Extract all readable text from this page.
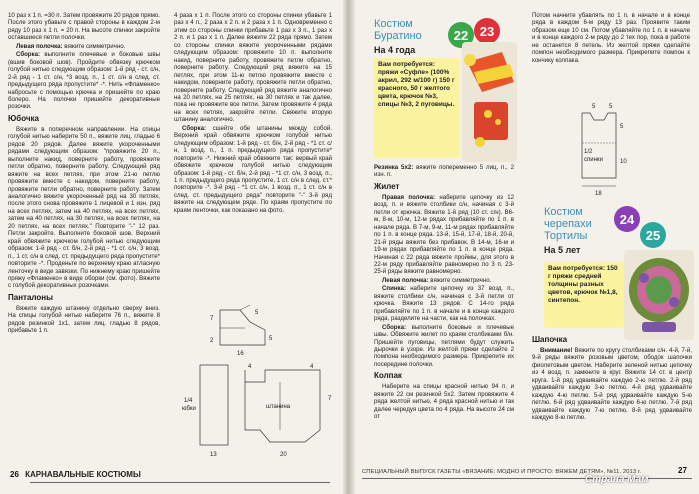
10 раз х 1 п. =30 п. Затем провяжите 20 рядов прямо. После этого убавьте с правой стороны в каждом 2-м ряду 10 раз х 1 п. = 20 п. На высоте спинки закройте оставшиеся петли полочки.

Левая полочка: вяжите симметрично.

Сборка: выполните плечевые и боковые швы (вшив боковой шов). Пройдите обвязку крючком голубой нитью следующим образом: 1-й ряд - ст. с/н, 2-й ряд - 1 ст. с/н, *3 возд. п., 1 ст. с/н в след. ст. предыдущего ряда пропустите* -*. Нить «Фламенко» набросьте с помощью крючка и пришейте по краю болеро. На полочки пришейте декоративные розочки.

Юбочка

Вяжите в поперечном направлении. На спицы голубой нитью наберите 50 п., вяжите лиц. гладью 6 рядов 20 рядов. Далее вяжите укороченными рядами следующим образом: "провяжите 20 п., выполните накид, поверните работу, провяжите петли обратно, поверните работу. Следующий ряд вяжите на всех петлях, при этом 21-ю петлю провяжите вместе с накидом, поверните работу, провяжите петли обратно, поверните работу. Затем аналогично вяжите укороченный ряд на 30 петлях, после этого снова провяжите 1 лицевой и 1 изн. ряд на всех петлях, затем на 40 петлях, на всех петлях, затем на 40 петлях, на 30 петлях, на всех петлях, на 20 петлях, на всех петлях." Повторите "-" 12 раз. Петли закройте. Выполните боковой шов. Верхний край обвяжите крючком голубой нитью следующим образом: 1-й ряд - ст. б/н, 2-й ряд - *1 ст. с/н, 3 возд. п., 1 ст. с/н в след. ст. предыдущего ряда пропустите* повторите -*. Проденьте по верхнему краю атласную ленточку в виде завязки. По нижнему краю пришейте пряжу «Фламенко» в виде оборки (см. фото). Вяжите с голубой декоративных розочками.

Панталоны

Вяжите каждую штанину отдельно сверху вниз. На спицы голубой нитью наберите 76 п., вяжите 8 рядов резинкой 1x1, затем лиц. гладью 8 рядов, прибавьте 1 п.

4 раза х 1 п. После этого со стороны спинки убавьте 1 раз х 4 п., 2 раза х 2 п. и 2 раза х 1 п. Одновременно с этим со стороны спинки прибавьте 1 раз х 3 п., 1 раз х 2 п. и 1 раз х 1 п. Далее вяжите 22 ряда прямо. Затем со стороны спинки вяжите укороченными рядами следующим образом: провяжите 10 п. выполните накид, поверните работу, провяжите петли обратно, поверните работу. Следующий ряд вяжите на 15 петлях, при этом 11-ю петлю провяжите вместе с накидом, поверните работу, провяжите петли обратно, поверните работу. Следующий ряд вяжите аналогично на 20 петлях, на 25 петлях, на 30 петлях и так далее, пока не провяжите все петли. Затем провяжите 4 ряда на всех петлях, закройте петли. Свяжите вторую штанину аналогично.

Сборка: сшейте обе штанины между собой. Верхний край обвяжите крючком голубой нитью следующим образом: 1-й ряд - ст. б/н, 2-й ряд - *1 ст. с/н, 1 возд. п., 1 п. предыдущего ряда пропустите* повторите -*. Нижний край обвяжите так: вервый край обвяжите крючком голубой нитью следующим образом: 1-й ряд - ст. б/н, 2-й ряд - *1 ст. с/н, 3 возд. п., 1 п. предыдущего ряда пропустите, 1 ст. с/н в след. ст.* повторите -*. 3-й ряд - *1 ст. с/н, 1 возд. п., 1 ст. с/н в след. ст. предыдущего ряда" повторите "-" 3-й ряд вяжите на следующем ряде. По краям пропустите по краям ленточки, как показано на фото.

7
5
16
5
2
1/4
юбки	штанина
7
20
13
4	4
26 КАРНАВАЛЬНЫЕ КОСТЮМЫ
Костюм
Буратино
На 4 года
22 23
Вам потребуется: пряжи «Суфле» (100% акрил, 292 м/100 г) 150 г красного, 50 г желтого цвета, крючок №3, спицы №3, 2 пуговицы.

Резинка 5x2: вяжите попеременно 5 лиц. п., 2 изн. п.

Жилет

Правая полочка: наберите цепочку из 12 возд. п. и вяжите столбики с/н, начиная с 3-й петли от крючка. Вяжите 1-й ряд (10 ст. с/н). В6-м, 8-м, 10-м, 12-м рядах прибавляйте по 1 п. в начале ряда. В 7-м, 9-м, 11-м рядах прибавляйте по 1 п. в конце ряда. 13-й, 15-й, 17-й, 18-й, 20-й, 21-й ряды вяжите без прибавок. В 14-м, 16-м и 19-м рядах прибавляйте по 1 п. в конце ряда. Начиная с 22 ряда вяжите проймы, для этого в 22-м ряду прибавляйте равномерно по 3 п. 23-25-й ряды вяжите равномерно.

Левая полочка: вяжите симметрично.

Спинка: наберите цепочку из 37 возд. п., вяжите столбики с/н, начиная с 3-й петли от крючка. Вяжите 13 рядов. С 14-го ряда прибавляйте по 1 п. в начале и в конце каждого ряда, разделите на части, как на полочках.

Сборка: выполните боковые и плечевые швы. Обвяжите жилет по краям столбиками б/н. Пришейте пуговицы, петлями будут служить дырочки в узоре. Из желтой пряжи сделайте 2 помпона необходимого размера. Прикрепите их посередине полочки.

Колпак

Наберите на спицы красной нитью 94 п. и вяжите 22 см резинкой 5x2. Затем провяжите 4 ряда желтой нитью, 4 ряда красной нитью и так далее чередуя цвета по 4 ряда. На высоте 24 см от

Потом начните убавлять по 1 п. в начале и в конце ряда в каждом 6-м ряду 13 раз. Проявите таким образом еще 10 см. Потом убавляйте по 1 п. в начале и в конце каждого 2-м ряду до 2 тех пор, пока в работе не останется 8 петель. Из желтой пряжи сделайте помпон необходимого размера. Прикрепите помпон к кончику колпака.

5 5
5
1/2
спинки	10
18
Костюм
черепахи
Тортилы
На 5 лет
24
25
Вам потребуется: 150 г пряжи средней толщины разных цветов, крючок №1,8, синтепон.
Шапочка

Внимание! Вяжите по кругу столбиками с/н. 4-й, 7-й, 9-й ряды вяжите розовым цветом, ободок шапочки фиолетовым цветом. Наберите зеленой нитью цепочку из 4 возд. п. замкните в круг. Вяжите 14 ст. в центр круга. 1-й ряд удваивайте каждую 2-ю петлю. 2-й ряд удваивайте каждую 3-ю петлю. 4-й ряд удваивайте каждую 4-ю петлю. 5-й ряд удваивайте каждую 5-ю петлю. 6-й ряд удваивайте каждую 6-ю петлю. 7-й ряд удваивайте каждую 7-ю петлю. 8-й ряд удваивайте каждую 8-ю петлю.

СПЕЦИАЛЬНЫЙ ВЫПУСК ГАЗЕТЫ «ВЯЗАНИЕ: МОДНО И ПРОСТО: ВЯЖЕМ ДЕТЯМ», №11, 2013 г.	27
Страна Мам
